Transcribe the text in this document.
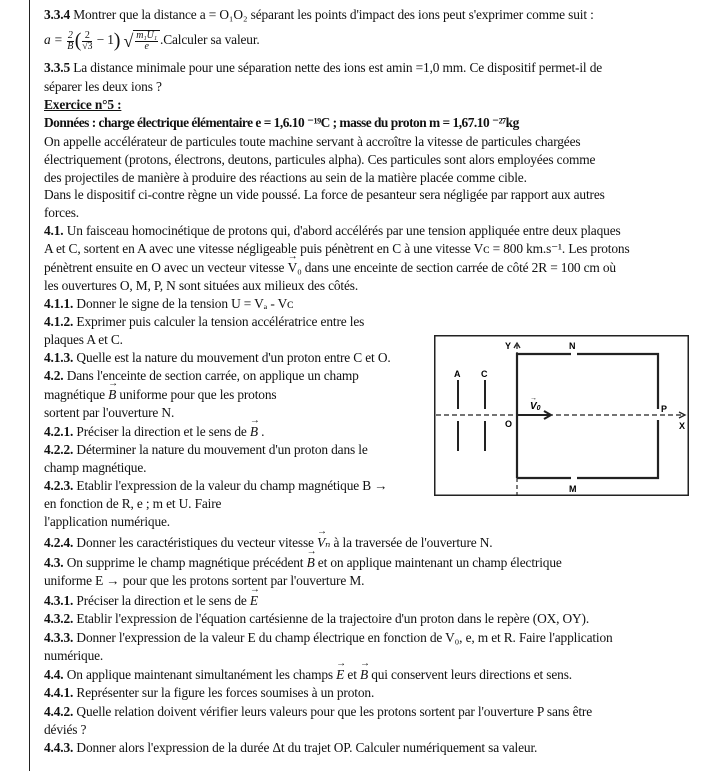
3.3.4 Montrer que la distance a = O₁O₂ séparant les points d'impact des ions peut s'exprimer comme suit :
$a = \frac{2}{B}$ ( $\frac{2}{√3} - 1$) √ $\frac{\text{m₁U₁}}{e}$ .Calculer sa valeur.
3.3.5 La distance minimale pour une séparation nette des ions est amin =1,0 mm. Ce dispositif permet-il de
séparer les deux ions ?
Exercice n°5 :
Données : charge électrique élémentaire e = 1,6.10 ⁻¹⁹C ; masse du proton m = 1,67.10 ⁻²⁷kg
On appelle accélérateur de particules toute machine servant à accroître la vitesse de particules chargées
électriquement (protons, électrons, deutons, particules alpha). Ces particules sont alors employées comme
des projectiles de manière à produire des réactions au sein de la matière placée comme cible.
Dans le dispositif ci-contre règne un vide poussé. La force de pesanteur sera négligée par rapport aux autres
forces.
4.1. Un faisceau homocinétique de protons qui, d'abord accélérés par une tension appliquée entre deux plaques
A et C, sortent en A avec une vitesse négligeable puis pénètrent en C à une vitesse Vᴄ = 800 km.s⁻¹. Les protons
pénètrent ensuite en O avec un vecteur vitesse → V₀ dans une enceinte de section carrée de côté 2R = 100 cm où
les ouvertures O, M, P, N sont situées aux milieux des côtés.
4.1.1. Donner le signe de la tension U = Vₐ - Vᴄ
4.1.2. Exprimer puis calculer la tension accélératrice entre les
plaques A et C.
4.1.3. Quelle est la nature du mouvement d'un proton entre C et O.
4.2. Dans l'enceinte de section carrée, on applique un champ
magnétique → B uniforme pour que les protons
sortent par l'ouverture N.
4.2.1. Préciser la direction et le sens de → B .
4.2.2. Déterminer la nature du mouvement d'un proton dans le
champ magnétique.
4.2.3. Etablir l'expression de la valeur du champ magnétique B →
en fonction de R, e ; m et U. Faire
l'application numérique.
4.2.4. Donner les caractéristiques du vecteur vitesse → Vₙ à la traversée de l'ouverture N.
4.3. On supprime le champ magnétique précédent → B et on applique maintenant un champ électrique
uniforme E → pour que les protons sortent par l'ouverture M.
4.3.1. Préciser la direction et le sens de → E
4.3.2. Etablir l'expression de l'équation cartésienne de la trajectoire d'un proton dans le repère (OX, OY).
4.3.3. Donner l'expression de la valeur E du champ électrique en fonction de V₀, e, m et R. Faire l'application
numérique.
4.4. On applique maintenant simultanément les champs → E et → B qui conservent leurs directions et sens.
4.4.1. Représenter sur la figure les forces soumises à un proton.
4.4.2. Quelle relation doivent vérifier leurs valeurs pour que les protons sortent par l'ouverture P sans être
déviés ?
4.4.3. Donner alors l'expression de la durée Δt du trajet OP. Calculer numériquement sa valeur.
Y
X
N
M
P
O
A C
V0
→
